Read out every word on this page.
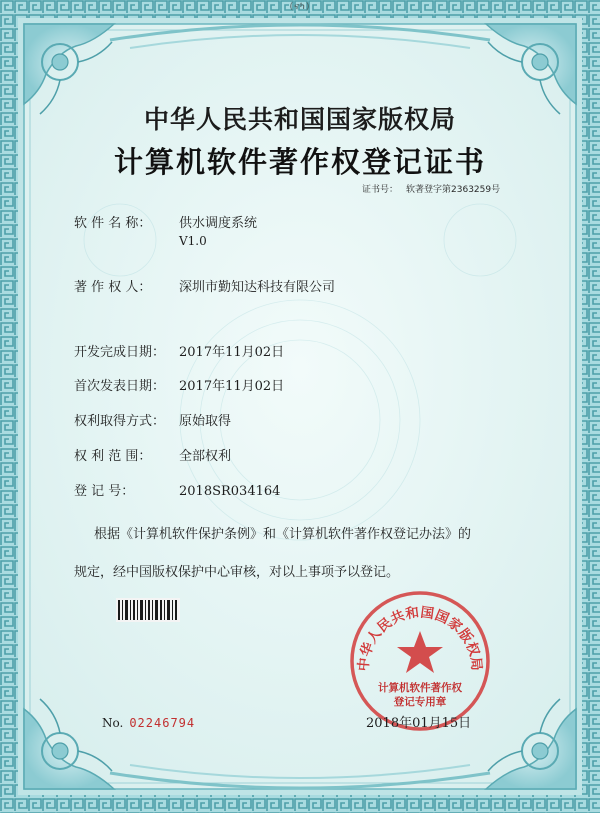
(ናካ)
中华人民共和国国家版权局
计算机软件著作权登记证书
证书号： 软著登字第2363259号
软 件 名 称： 供水调度系统
V1.0
著 作 权 人： 深圳市勤知达科技有限公司
开发完成日期： 2017年11月02日
首次发表日期： 2017年11月02日
权利取得方式： 原始取得
权 利 范 围： 全部权利
登 记 号：	2018SR034164
根据《计算机软件保护条例》和《计算机软件著作权登记办法》的
规定，经中国版权保护中心审核，对以上事项予以登记。
中华人民共和国国家版权局
计算机软件著作权
登记专用章
2018年01月15日
No. 02246794
